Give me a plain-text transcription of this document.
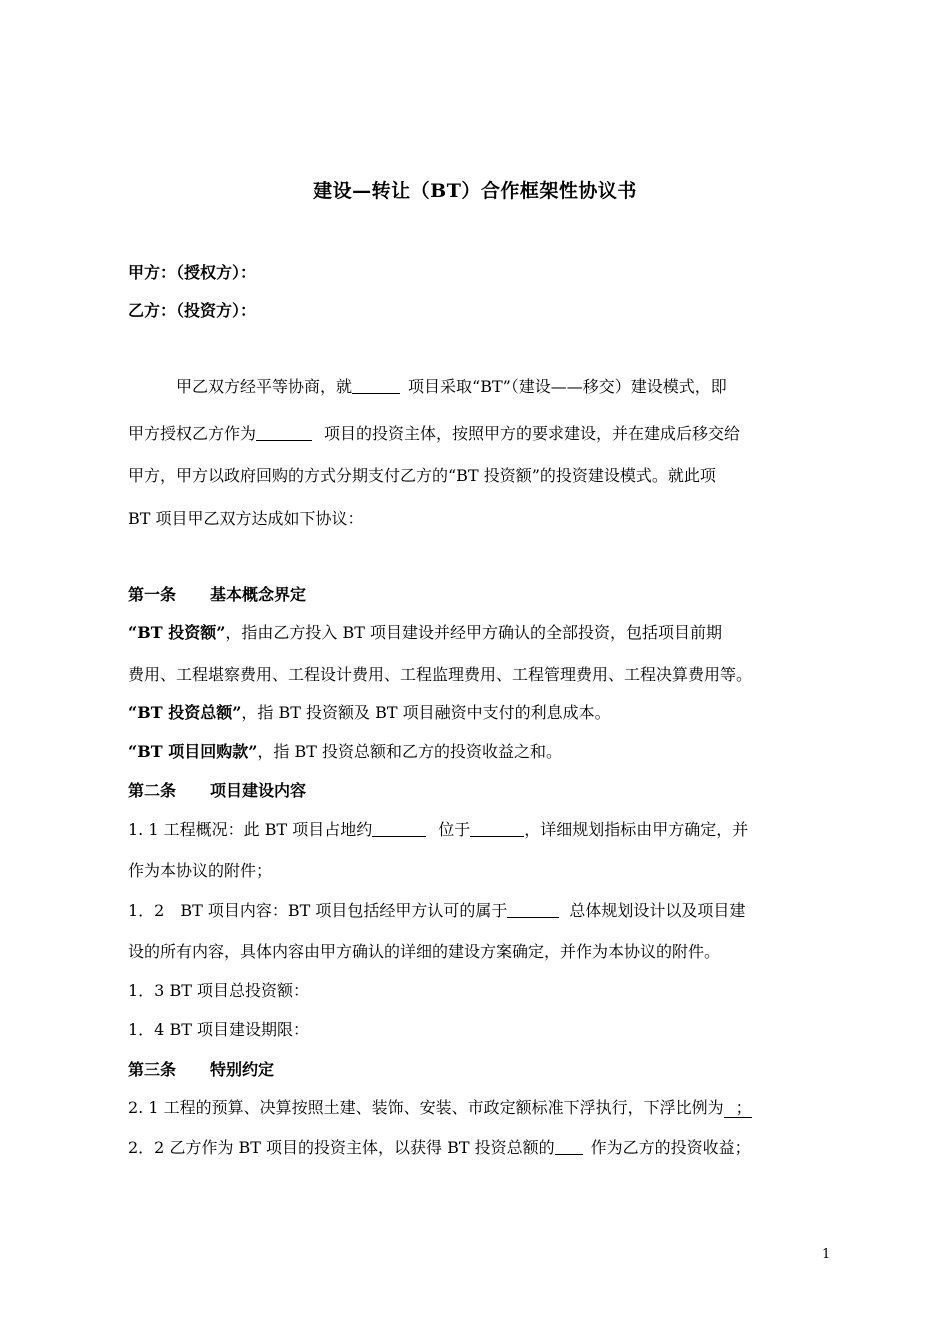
建设—转让（BT）合作框架性协议书
甲方：（授权方）：
乙方：（投资方）：
甲乙双方经平等协商，就	项目采取“BT”（建设——移交）建设模式，即
甲方授权乙方作为	项目的投资主体，按照甲方的要求建设，并在建成后移交给
甲方，甲方以政府回购的方式分期支付乙方的“BT 投资额”的投资建设模式。就此项
BT 项目甲乙双方达成如下协议：
第一条 基本概念界定
“BT 投资额”，指由乙方投入 BT 项目建设并经甲方确认的全部投资，包括项目前期
费用、工程堪察费用、工程设计费用、工程监理费用、工程管理费用、工程决算费用等。
“BT 投资总额”，指 BT 投资额及 BT 项目融资中支付的利息成本。
“BT 项目回购款”，指 BT 投资总额和乙方的投资收益之和。
第二条 项目建设内容
1. 1 工程概况：此 BT 项目占地约	位于	，详细规划指标由甲方确定，并
作为本协议的附件；
1．2　BT 项目内容：BT 项目包括经甲方认可的属于	总体规划设计以及项目建
设的所有内容，具体内容由甲方确认的详细的建设方案确定，并作为本协议的附件。
1．3 BT 项目总投资额：
1．4 BT 项目建设期限：
第三条 特别约定
2. 1 工程的预算、决算按照土建、装饰、安装、市政定额标准下浮执行，下浮比例为 ；
2．2 乙方作为 BT 项目的投资主体，以获得 BT 投资总额的 作为乙方的投资收益；
1
